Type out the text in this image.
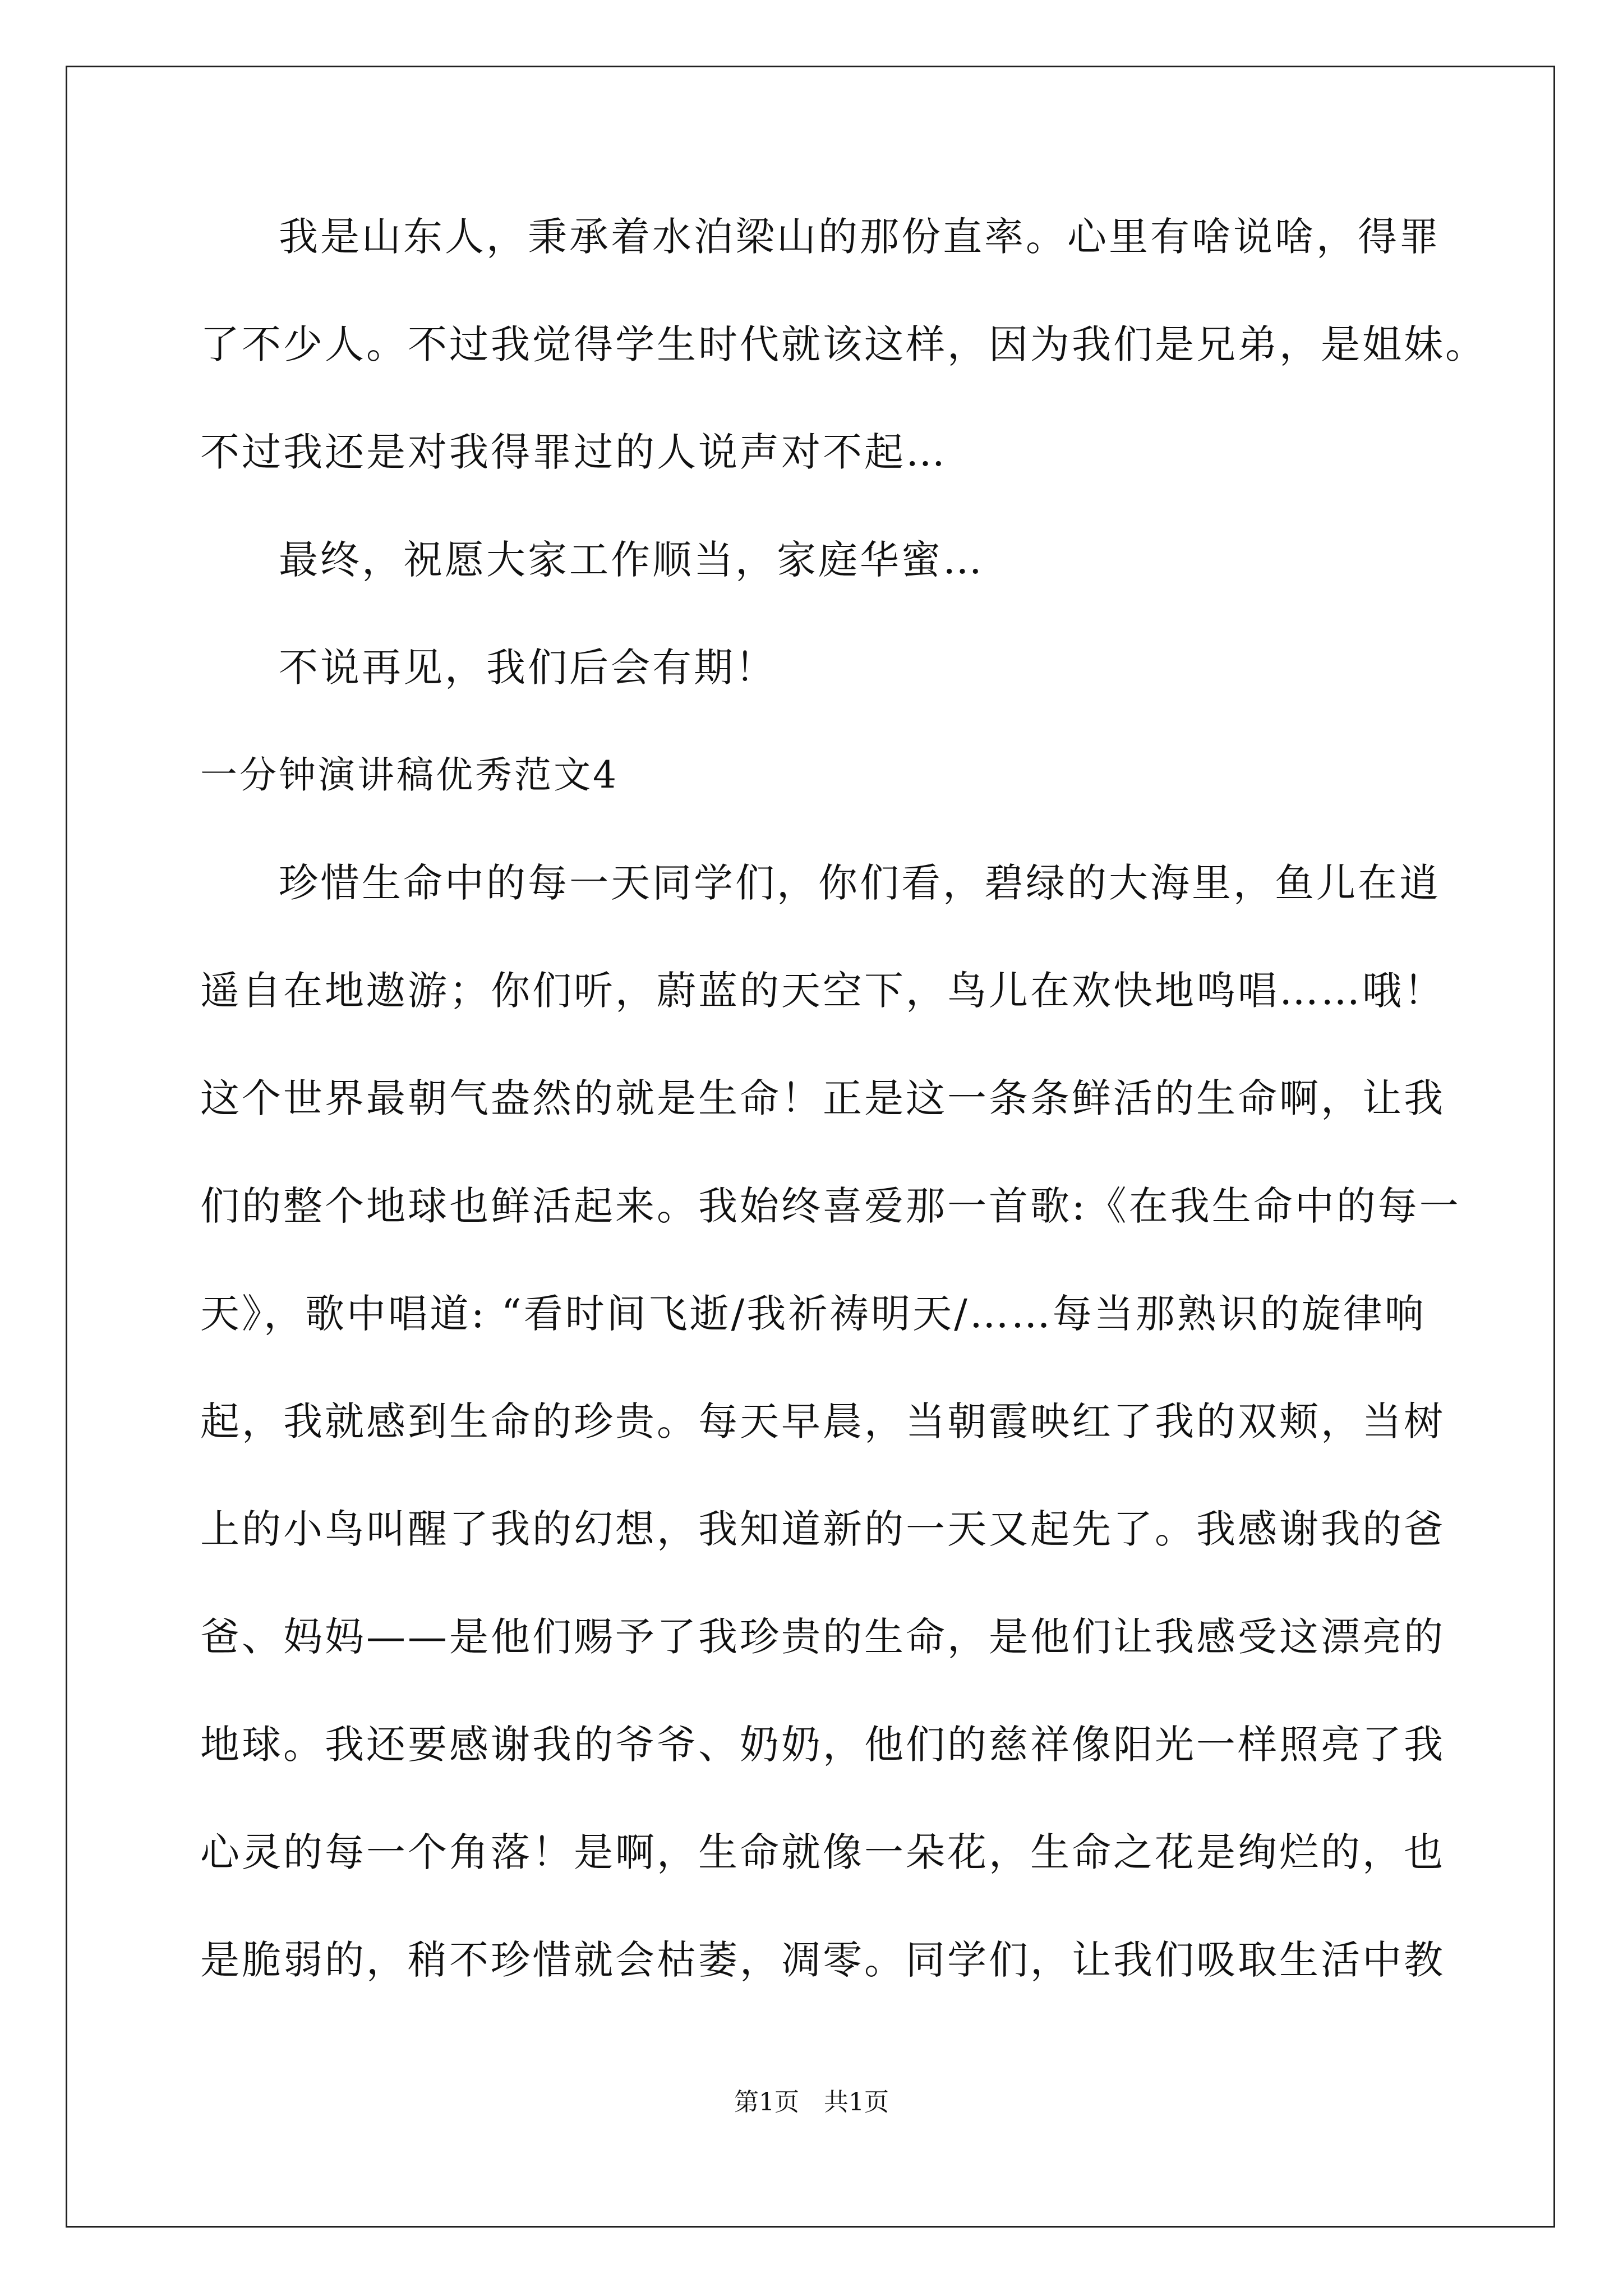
我是山东人，秉承着水泊梁山的那份直率。心里有啥说啥，得罪
了不少人。不过我觉得学生时代就该这样，因为我们是兄弟，是姐妹。
不过我还是对我得罪过的人说声对不起…
最终，祝愿大家工作顺当，家庭华蜜…
不说再见，我们后会有期！
一分钟演讲稿优秀范文4
珍惜生命中的每一天同学们，你们看，碧绿的大海里，鱼儿在逍
遥自在地遨游；你们听，蔚蓝的天空下，鸟儿在欢快地鸣唱……哦！
这个世界最朝气盎然的就是生命！正是这一条条鲜活的生命啊，让我
们的整个地球也鲜活起来。我始终喜爱那一首歌:《在我生命中的每一
天》，歌中唱道: “看时间飞逝/我祈祷明天/……每当那熟识的旋律响
起，我就感到生命的珍贵。每天早晨，当朝霞映红了我的双颊，当树
上的小鸟叫醒了我的幻想，我知道新的一天又起先了。我感谢我的爸
爸、妈妈——是他们赐予了我珍贵的生命，是他们让我感受这漂亮的
地球。我还要感谢我的爷爷、奶奶，他们的慈祥像阳光一样照亮了我
心灵的每一个角落！是啊，生命就像一朵花，生命之花是绚烂的，也
是脆弱的，稍不珍惜就会枯萎，凋零。同学们，让我们吸取生活中教
第1页　共1页
